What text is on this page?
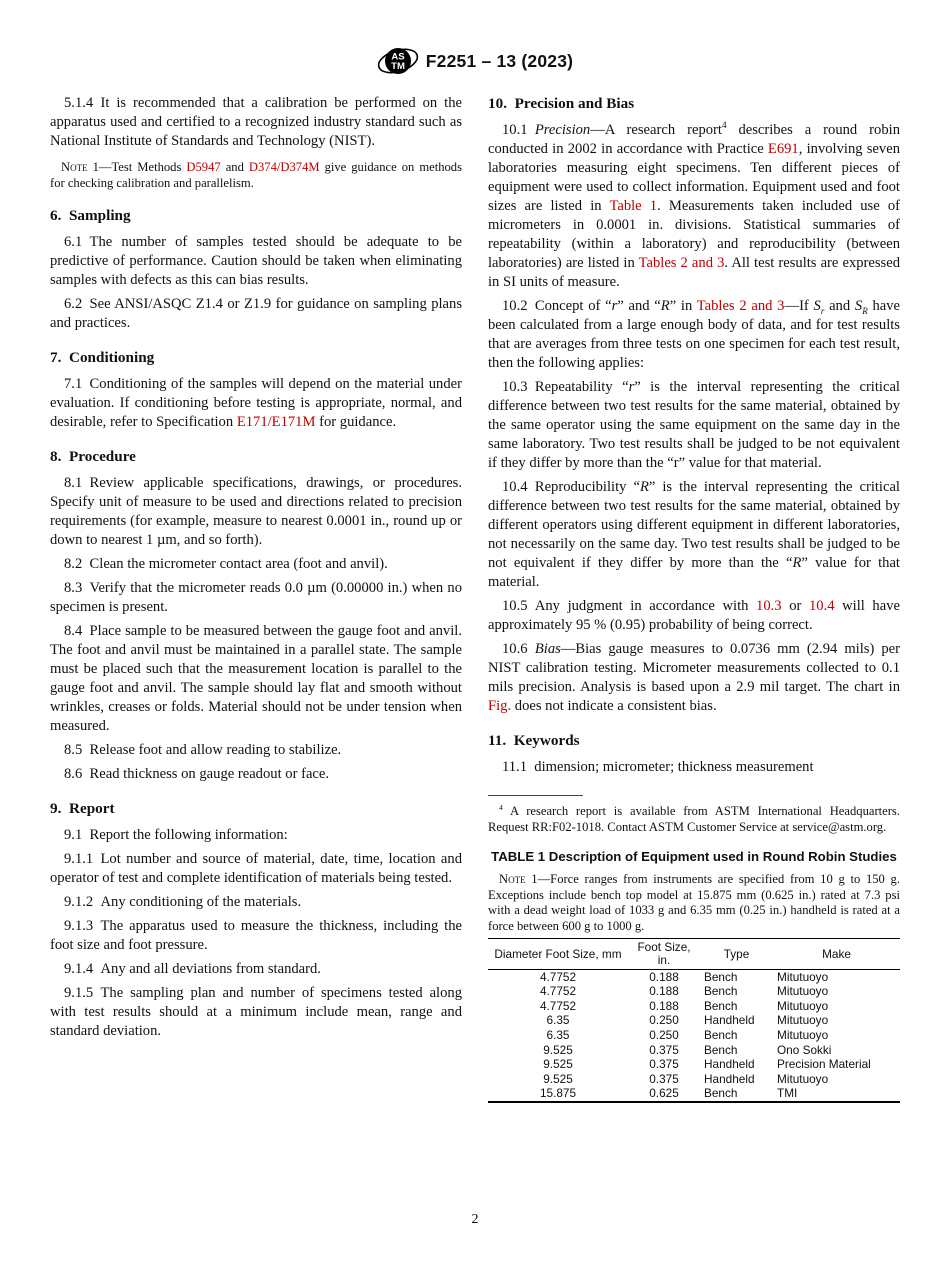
AS
TM F2251 – 13 (2023)

5.1.4 It is recommended that a calibration be performed on the apparatus used and certified to a recognized industry standard such as National Institute of Standards and Technology (NIST).

Note 1—Test Methods D5947 and D374/D374M give guidance on methods for checking calibration and parallelism.

6. Sampling

6.1 The number of samples tested should be adequate to be predictive of performance. Caution should be taken when eliminating samples with defects as this can bias results.

6.2 See ANSI/ASQC Z1.4 or Z1.9 for guidance on sampling plans and practices.

7. Conditioning

7.1 Conditioning of the samples will depend on the material under evaluation. If conditioning before testing is appropriate, normal, and desirable, refer to Specification E171/E171M for guidance.

8. Procedure

8.1 Review applicable specifications, drawings, or procedures. Specify unit of measure to be used and directions related to precision requirements (for example, measure to nearest 0.0001 in., round up or down to nearest 1 µm, and so forth).

8.2 Clean the micrometer contact area (foot and anvil).

8.3 Verify that the micrometer reads 0.0 µm (0.00000 in.) when no specimen is present.

8.4 Place sample to be measured between the gauge foot and anvil. The foot and anvil must be maintained in a parallel state. The sample must be placed such that the measurement location is parallel to the gauge foot and anvil. The sample should lay flat and smooth without wrinkles, creases or folds. Material should not be under tension when measured.

8.5 Release foot and allow reading to stabilize.

8.6 Read thickness on gauge readout or face.

9. Report

9.1 Report the following information:

9.1.1 Lot number and source of material, date, time, location and operator of test and complete identification of materials being tested.

9.1.2 Any conditioning of the materials.

9.1.3 The apparatus used to measure the thickness, including the foot size and foot pressure.

9.1.4 Any and all deviations from standard.

9.1.5 The sampling plan and number of specimens tested along with test results should at a minimum include mean, range and standard deviation.

10. Precision and Bias

10.1 Precision—A research report$^4$ describes a round robin conducted in 2002 in accordance with Practice E691, involving seven laboratories measuring eight specimens. Ten different pieces of equipment were used to collect information. Equipment used and foot sizes are listed in Table 1. Measurements taken included use of micrometers in 0.0001 in. divisions. Statistical summaries of repeatability (within a laboratory) and reproducibility (between laboratories) are listed in Tables 2 and 3. All test results are expressed in SI units of measure.

10.2 Concept of “r” and “R” in Tables 2 and 3—If $S_r$ and $S_R$ have been calculated from a large enough body of data, and for test results that are averages from three tests on one specimen for each test result, then the following applies:

10.3 Repeatability “r” is the interval representing the critical difference between two test results for the same material, obtained by the same operator using the same equipment on the same day in the same laboratory. Two test results shall be judged to be not equivalent if they differ by more than the “r” value for that material.

10.4 Reproducibility “R” is the interval representing the critical difference between two test results for the same material, obtained by different operators using different equipment in different laboratories, not necessarily on the same day. Two test results shall be judged to be not equivalent if they differ by more than the “R” value for that material.

10.5 Any judgment in accordance with 10.3 or 10.4 will have approximately 95 % (0.95) probability of being correct.

10.6 Bias—Bias gauge measures to 0.0736 mm (2.94 mils) per NIST calibration testing. Micrometer measurements collected to 0.1 mils precision. Analysis is based upon a 2.9 mil target. The chart in Fig. does not indicate a consistent bias.

11. Keywords

11.1 dimension; micrometer; thickness measurement

$^4$ A research report is available from ASTM International Headquarters. Request RR:F02-1018. Contact ASTM Customer Service at service@astm.org.

TABLE 1 Description of Equipment used in Round Robin Studies

Note 1—Force ranges from instruments are specified from 10 g to 150 g. Exceptions include bench top model at 15.875 mm (0.625 in.) rated at 7.3 psi with a dead weight load of 1033 g and 6.35 mm (0.25 in.) handheld is rated at a force between 600 g to 1000 g.

Diameter Foot Size, mm	Foot Size, in.	Type	Make
4.7752	0.188	Bench	Mitutuoyo
4.7752	0.188	Bench	Mitutuoyo
4.7752	0.188	Bench	Mitutuoyo
6.35	0.250	Handheld	Mitutuoyo
6.35	0.250	Bench	Mitutuoyo
9.525	0.375	Bench	Ono Sokki
9.525	0.375	Handheld	Precision Material
9.525	0.375	Handheld	Mitutuoyo
15.875	0.625	Bench	TMI
2
